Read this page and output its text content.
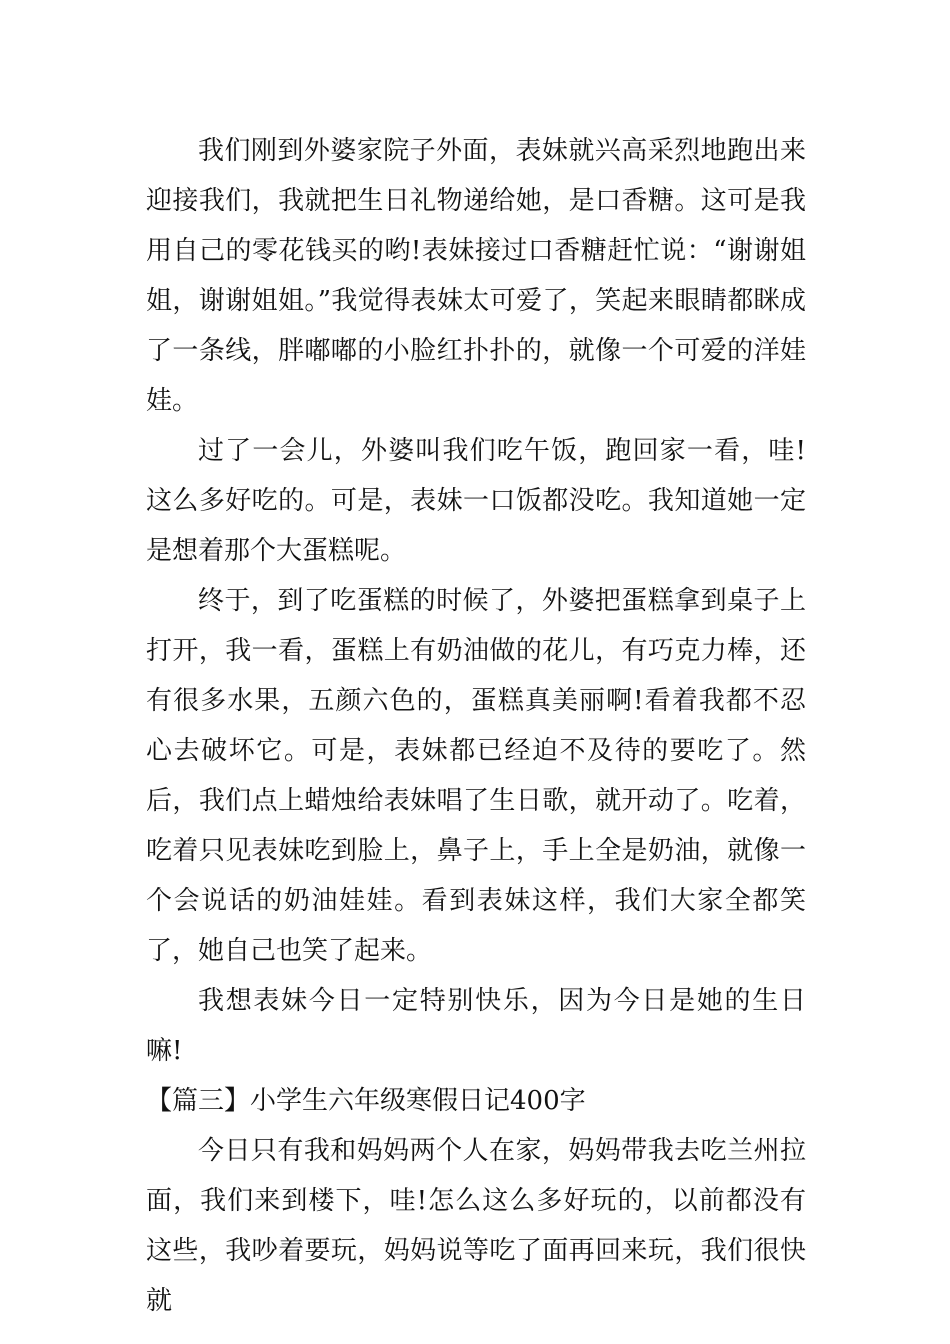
我们刚到外婆家院子外面，表妹就兴高采烈地跑出来迎接我们，我就把生日礼物递给她，是口香糖。这可是我用自己的零花钱买的哟!表妹接过口香糖赶忙说：“谢谢姐姐，谢谢姐姐。”我觉得表妹太可爱了，笑起来眼睛都眯成了一条线，胖嘟嘟的小脸红扑扑的，就像一个可爱的洋娃娃。

过了一会儿，外婆叫我们吃午饭，跑回家一看，哇!这么多好吃的。可是，表妹一口饭都没吃。我知道她一定是想着那个大蛋糕呢。

终于，到了吃蛋糕的时候了，外婆把蛋糕拿到桌子上打开，我一看，蛋糕上有奶油做的花儿，有巧克力棒，还有很多水果，五颜六色的，蛋糕真美丽啊!看着我都不忍心去破坏它。可是，表妹都已经迫不及待的要吃了。然后，我们点上蜡烛给表妹唱了生日歌，就开动了。吃着，吃着只见表妹吃到脸上，鼻子上，手上全是奶油，就像一个会说话的奶油娃娃。看到表妹这样，我们大家全都笑了，她自己也笑了起来。

我想表妹今日一定特别快乐，因为今日是她的生日嘛!

【篇三】小学生六年级寒假日记400字

今日只有我和妈妈两个人在家，妈妈带我去吃兰州拉面，我们来到楼下，哇!怎么这么多好玩的，以前都没有这些，我吵着要玩，妈妈说等吃了面再回来玩，我们很快就
